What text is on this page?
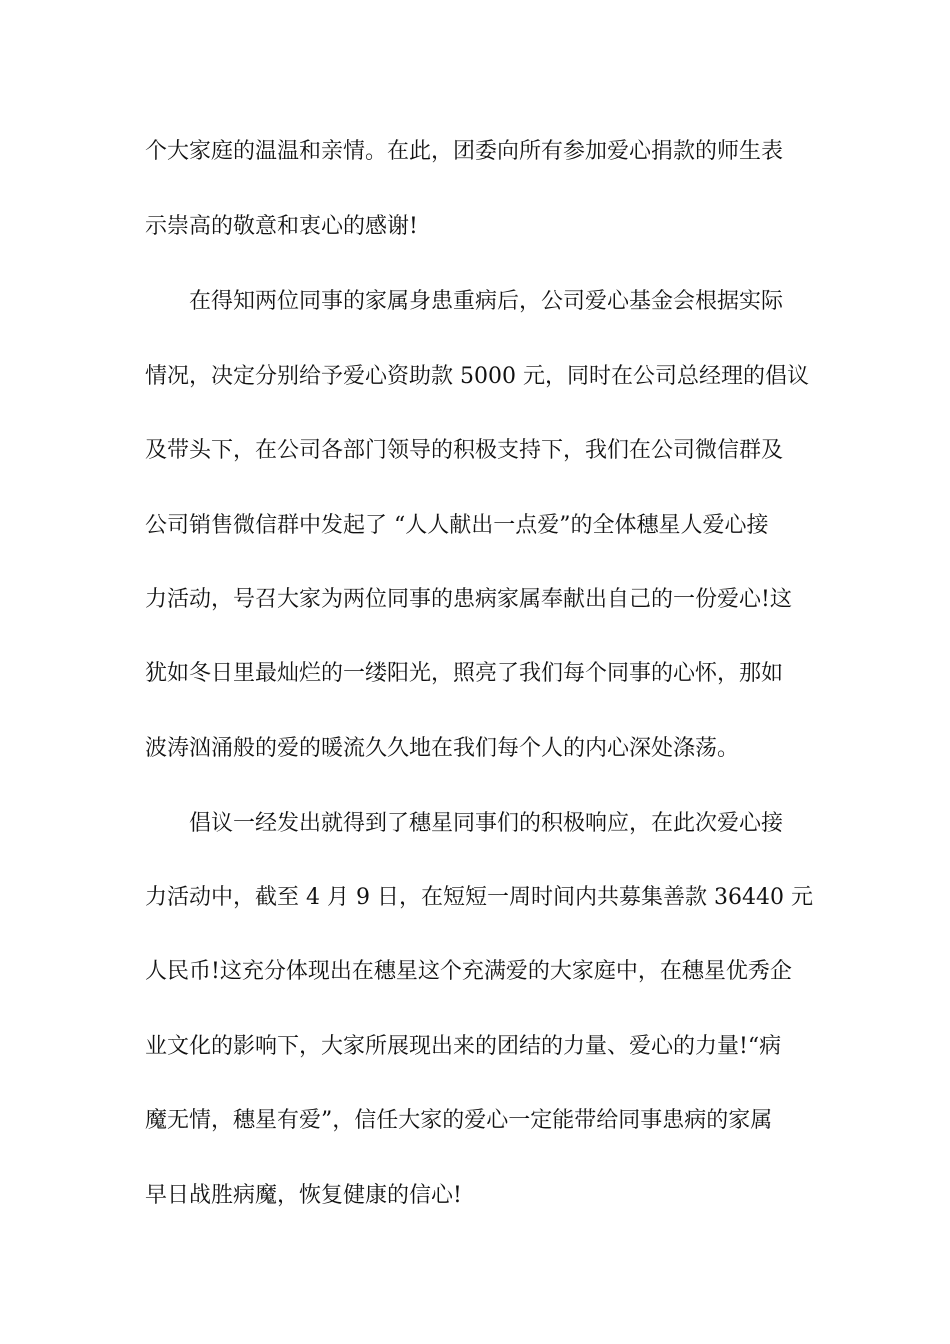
个大家庭的温温和亲情。在此，团委向所有参加爱心捐款的师生表
示崇高的敬意和衷心的感谢!
在得知两位同事的家属身患重病后，公司爱心基金会根据实际
情况，决定分别给予爱心资助款 5000 元，同时在公司总经理的倡议
及带头下，在公司各部门领导的积极支持下，我们在公司微信群及
公司销售微信群中发起了 “人人献出一点爱”的全体穗星人爱心接
力活动，号召大家为两位同事的患病家属奉献出自己的一份爱心!这
犹如冬日里最灿烂的一缕阳光，照亮了我们每个同事的心怀，那如
波涛汹涌般的爱的暖流久久地在我们每个人的内心深处涤荡。
倡议一经发出就得到了穗星同事们的积极响应，在此次爱心接
力活动中，截至 4 月 9 日，在短短一周时间内共募集善款 36440 元
人民币!这充分体现出在穗星这个充满爱的大家庭中，在穗星优秀企
业文化的影响下，大家所展现出来的团结的力量、爱心的力量!“病
魔无情，穗星有爱”，信任大家的爱心一定能带给同事患病的家属
早日战胜病魔，恢复健康的信心!
